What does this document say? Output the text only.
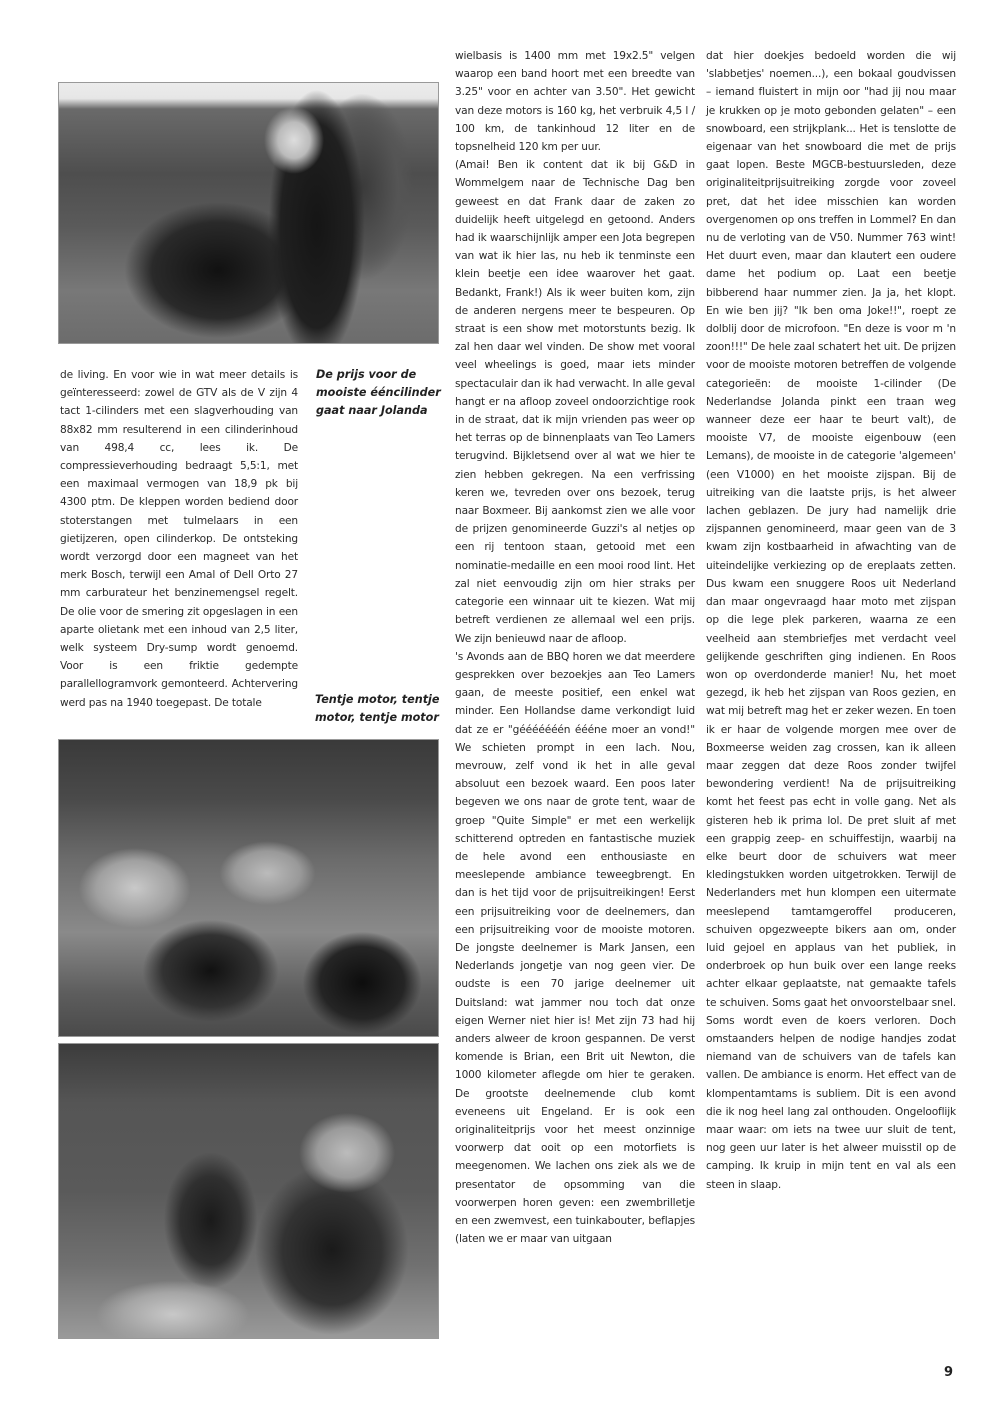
de living. En voor wie in wat meer details is geïnteresseerd: zowel de GTV als de V zijn 4 tact 1-cilinders met een slagverhouding van 88x82 mm resulterend in een cilinderinhoud van 498,4 cc, lees ik. De compressieverhouding bedraagt 5,5:1, met een maximaal vermogen van 18,9 pk bij 4300 ptm. De kleppen worden bediend door stoterstangen met tulmelaars in een gietijzeren, open cilinderkop. De ontsteking wordt verzorgd door een magneet van het merk Bosch, terwijl een Amal of Dell Orto 27 mm carburateur het benzinemengsel regelt. De olie voor de smering zit opgeslagen in een aparte olietank met een inhoud van 2,5 liter, welk systeem Dry-sump wordt genoemd. Voor is een friktie gedempte parallellogramvork gemonteerd. Achtervering werd pas na 1940 toegepast. De totale

De prijs voor de mooiste ééncilinder gaat naar Jolanda
Tentje motor, tentje motor, tentje motor

wielbasis is 1400 mm met 19x2.5" velgen waarop een band hoort met een breedte van 3.25" voor en achter van 3.50". Het gewicht van deze motors is 160 kg, het verbruik 4,5 l / 100 km, de tankinhoud 12 liter en de topsnelheid 120 km per uur.

(Amai! Ben ik content dat ik bij G&D in Wommelgem naar de Technische Dag ben geweest en dat Frank daar de zaken zo duidelijk heeft uitgelegd en getoond. Anders had ik waarschijnlijk amper een Jota begrepen van wat ik hier las, nu heb ik tenminste een klein beetje een idee waarover het gaat. Bedankt, Frank!) Als ik weer buiten kom, zijn de anderen nergens meer te bespeuren. Op straat is een show met motorstunts bezig. Ik zal hen daar wel vinden. De show met vooral veel wheelings is goed, maar iets minder spectaculair dan ik had verwacht. In alle geval hangt er na afloop zoveel ondoorzichtige rook in de straat, dat ik mijn vrienden pas weer op het terras op de binnenplaats van Teo Lamers terugvind. Bijkletsend over al wat we hier te zien hebben gekregen. Na een verfrissing keren we, tevreden over ons bezoek, terug naar Boxmeer. Bij aankomst zien we alle voor de prijzen genomineerde Guzzi's al netjes op een rij tentoon staan, getooid met een nominatie-medaille en een mooi rood lint. Het zal niet eenvoudig zijn om hier straks per categorie een winnaar uit te kiezen. Wat mij betreft verdienen ze allemaal wel een prijs. We zijn benieuwd naar de afloop.

's Avonds aan de BBQ horen we dat meerdere gesprekken over bezoekjes aan Teo Lamers gaan, de meeste positief, een enkel wat minder. Een Hollandse dame verkondigt luid dat ze er "gééééééén éééne moer an vond!" We schieten prompt in een lach. Nou, mevrouw, zelf vond ik het in alle geval absoluut een bezoek waard. Een poos later begeven we ons naar de grote tent, waar de groep "Quite Simple" er met een werkelijk schitterend optreden en fantastische muziek de hele avond een enthousiaste en meeslepende ambiance teweegbrengt. En dan is het tijd voor de prijsuitreikingen! Eerst een prijsuitreiking voor de deelnemers, dan een prijsuitreiking voor de mooiste motoren. De jongste deelnemer is Mark Jansen, een Nederlands jongetje van nog geen vier. De oudste is een 70 jarige deelnemer uit Duitsland: wat jammer nou toch dat onze eigen Werner niet hier is! Met zijn 73 had hij anders alweer de kroon gespannen. De verst komende is Brian, een Brit uit Newton, die 1000 kilometer aflegde om hier te geraken. De grootste deelnemende club komt eveneens uit Engeland. Er is ook een originaliteitprijs voor het meest onzinnige voorwerp dat ooit op een motorfiets is meegenomen. We lachen ons ziek als we de presentator de opsomming van die voorwerpen horen geven: een zwembrilletje en een zwemvest, een tuinkabouter, beflapjes (laten we er maar van uitgaan

dat hier doekjes bedoeld worden die wij 'slabbetjes' noemen...), een bokaal goudvissen – iemand fluistert in mijn oor "had jij nou maar je krukken op je moto gebonden gelaten" – een snowboard, een strijkplank... Het is tenslotte de eigenaar van het snowboard die met de prijs gaat lopen. Beste MGCB-bestuursleden, deze originaliteitprijsuitreiking zorgde voor zoveel pret, dat het idee misschien kan worden overgenomen op ons treffen in Lommel? En dan nu de verloting van de V50. Nummer 763 wint! Het duurt even, maar dan klautert een oudere dame het podium op. Laat een beetje bibberend haar nummer zien. Ja ja, het klopt. En wie ben jij? "Ik ben oma Joke!!", roept ze dolblij door de microfoon. "En deze is voor m 'n zoon!!!" De hele zaal schatert het uit. De prijzen voor de mooiste motoren betreffen de volgende categorieën: de mooiste 1-cilinder (De Nederlandse Jolanda pinkt een traan weg wanneer deze eer haar te beurt valt), de mooiste V7, de mooiste eigenbouw (een Lemans), de mooiste in de categorie 'algemeen' (een V1000) en het mooiste zijspan. Bij de uitreiking van die laatste prijs, is het alweer lachen geblazen. De jury had namelijk drie zijspannen genomineerd, maar geen van de 3 kwam zijn kostbaarheid in afwachting van de uiteindelijke verkiezing op de ereplaats zetten. Dus kwam een snuggere Roos uit Nederland dan maar ongevraagd haar moto met zijspan op die lege plek parkeren, waarna ze een veelheid aan stembriefjes met verdacht veel gelijkende geschriften ging indienen. En Roos won op overdonderde manier! Nu, het moet gezegd, ik heb het zijspan van Roos gezien, en wat mij betreft mag het er zeker wezen. En toen ik er haar de volgende morgen mee over de Boxmeerse weiden zag crossen, kan ik alleen maar zeggen dat deze Roos zonder twijfel bewondering verdient! Na de prijsuitreiking komt het feest pas echt in volle gang. Net als gisteren heb ik prima lol. De pret sluit af met een grappig zeep- en schuiffestijn, waarbij na elke beurt door de schuivers wat meer kledingstukken worden uitgetrokken. Terwijl de Nederlanders met hun klompen een uitermate meeslepend tamtamgeroffel produceren, schuiven opgezweepte bikers aan om, onder luid gejoel en applaus van het publiek, in onderbroek op hun buik over een lange reeks achter elkaar geplaatste, nat gemaakte tafels te schuiven. Soms gaat het onvoorstelbaar snel. Soms wordt even de koers verloren. Doch omstaanders helpen de nodige handjes zodat niemand van de schuivers van de tafels kan vallen. De ambiance is enorm. Het effect van de klompentamtams is subliem. Dit is een avond die ik nog heel lang zal onthouden. Ongelooflijk maar waar: om iets na twee uur sluit de tent, nog geen uur later is het alweer muisstil op de camping. Ik kruip in mijn tent en val als een steen in slaap.

9
